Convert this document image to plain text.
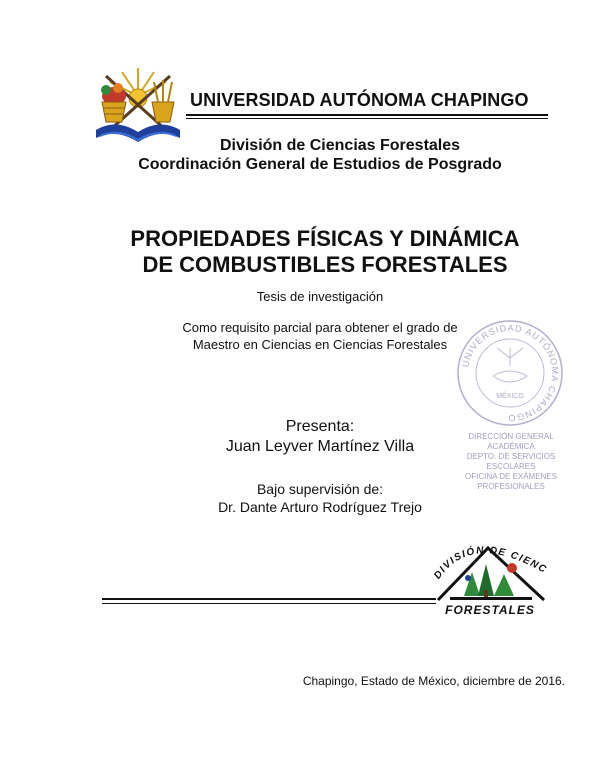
UNIVERSIDAD AUTÓNOMA CHAPINGO
División de Ciencias Forestales
Coordinación General de Estudios de Posgrado
PROPIEDADES FÍSICAS Y DINÁMICA
DE COMBUSTIBLES FORESTALES
Tesis de investigación
Como requisito parcial para obtener el grado de
Maestro en Ciencias en Ciencias Forestales
UNIVERSIDAD AUTÓNOMA CHAPINGO
MÉXICO
DIRECCIÓN GENERAL ACADÉMICA
DEPTO. DE SERVICIOS ESCOLARES
OFICINA DE EXÁMENES PROFESIONALES
Presenta:
Juan Leyver Martínez Villa
Bajo supervisión de:
Dr. Dante Arturo Rodríguez Trejo
DIVISIÓN DE CIENC
FORESTALES
Chapingo, Estado de México, diciembre de 2016.
